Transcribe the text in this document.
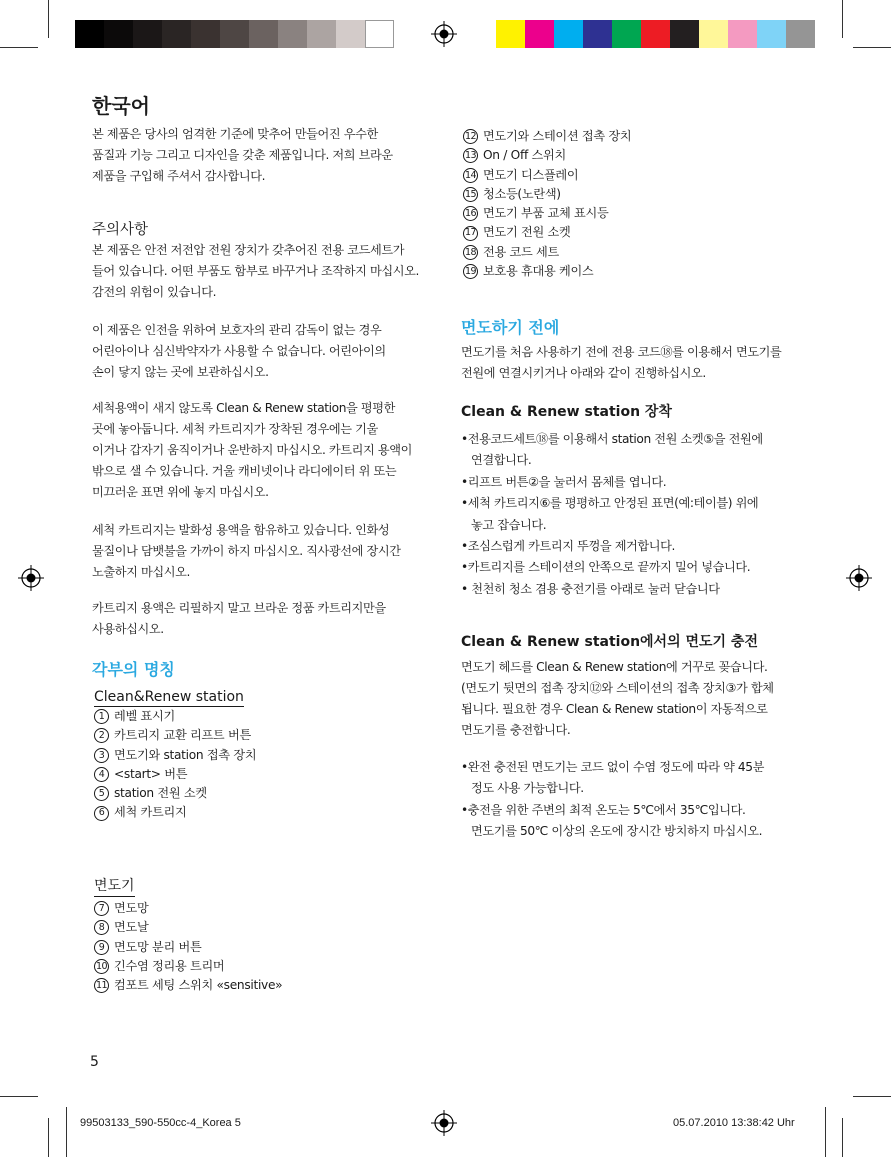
한국어
본 제품은 당사의 엄격한 기준에 맞추어 만들어진 우수한
품질과 기능 그리고 디자인을 갖춘 제품입니다. 저희 브라운
제품을 구입해 주셔서 감사합니다.
주의사항
본 제품은 안전 저전압 전원 장치가 갖추어진 전용 코드세트가
들어 있습니다. 어떤 부품도 함부로 바꾸거나 조작하지 마십시오.
감전의 위험이 있습니다.
이 제품은 인전을 위하여 보호자의 관리 감독이 없는 경우
어린아이나 심신박약자가 사용할 수 없습니다. 어린아이의
손이 닿지 않는 곳에 보관하십시오.
세척용액이 새지 않도록 Clean & Renew station을 평평한
곳에 놓아둡니다. 세척 카트리지가 장착된 경우에는 기울
이거나 갑자기 움직이거나 운반하지 마십시오. 카트리지 용액이
밖으로 샐 수 있습니다. 거울 캐비넷이나 라디에이터 위 또는
미끄러운 표면 위에 놓지 마십시오.
세척 카트리지는 발화성 용액을 함유하고 있습니다. 인화성
물질이나 담뱃불을 가까이 하지 마십시오. 직사광선에 장시간
노출하지 마십시오.
카트리지 용액은 리필하지 말고 브라운 정품 카트리지만을
사용하십시오.
각부의 명칭
Clean&Renew station
1 레벨 표시기
2 카트리지 교환 리프트 버튼
3 면도기와 station 접촉 장치
4 <start> 버튼
5 station 전원 소켓
6 세척 카트리지
면도기
7 면도망
8 면도날
9 면도망 분리 버튼
10 긴수염 정리용 트리머
11 컴포트 세팅 스위치 «sensitive»
5
12 면도기와 스테이션 접촉 장치
13 On / Off 스위치
14 면도기 디스플레이
15 청소등(노란색)
16 면도기 부품 교체 표시등
17 면도기 전원 소켓
18 전용 코드 세트
19 보호용 휴대용 케이스
면도하기 전에
면도기를 처음 사용하기 전에 전용 코드⑱를 이용해서 면도기를
전원에 연결시키거나 아래와 같이 진행하십시오.
Clean & Renew station 장착
•전용코드세트⑱를 이용해서 station 전원 소켓⑤을 전원에
연결합니다.
•리프트 버튼②을 눌러서 몸체를 엽니다.
•세척 카트리지⑥를 평평하고 안정된 표면(예:테이블) 위에
놓고 잡습니다.
•조심스럽게 카트리지 뚜껑을 제거합니다.
•카트리지를 스테이션의 안쪽으로 끝까지 밀어 넣습니다.
• 천천히 청소 겸용 충전기를 아래로 눌러 닫습니다
Clean & Renew station에서의 면도기 충전
면도기 헤드를 Clean & Renew station에 거꾸로 꽂습니다.
(면도기 뒷면의 접촉 장치⑫와 스테이션의 접촉 장치③가 합체
됩니다. 필요한 경우 Clean & Renew station이 자동적으로
면도기를 충전합니다.
•완전 충전된 면도기는 코드 없이 수염 정도에 따라 약 45분
정도 사용 가능합니다.
•충전을 위한 주변의 최적 온도는 5℃에서 35℃입니다.
면도기를 50℃ 이상의 온도에 장시간 방치하지 마십시오.
99503133_590-550cc-4_Korea 5	05.07.2010 13:38:42 Uhr
